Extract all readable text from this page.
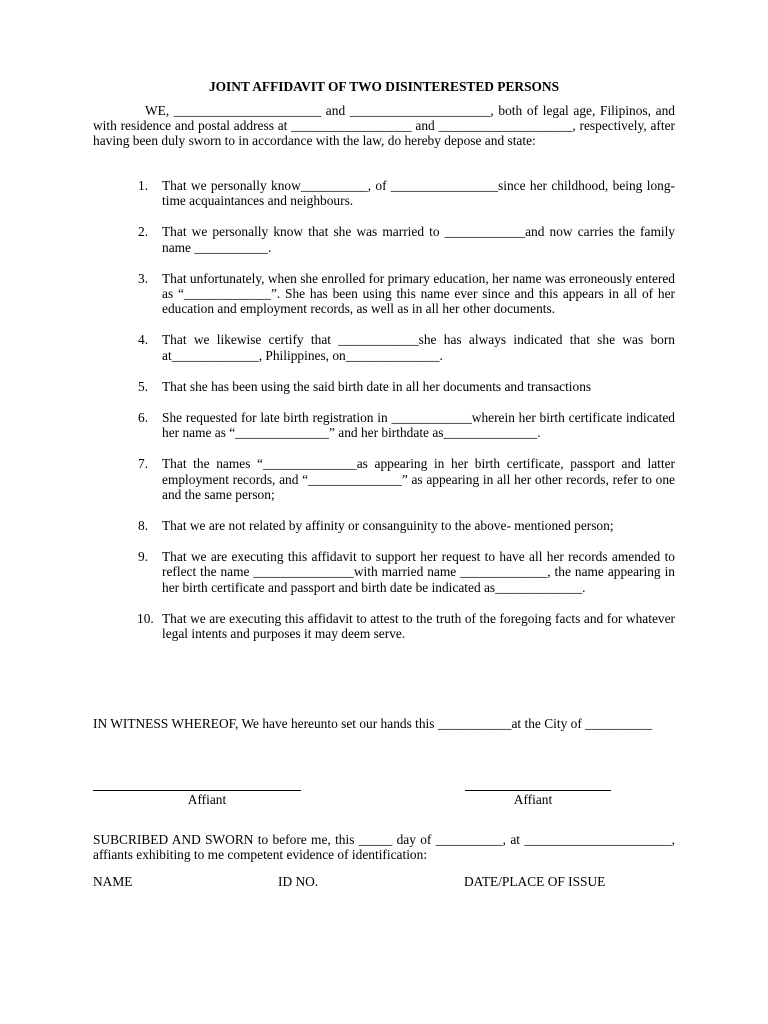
JOINT AFFIDAVIT OF TWO DISINTERESTED PERSONS
WE, ______________________ and _____________________, both of legal age, Filipinos, and with residence and postal address at __________________ and ____________________, respectively, after having been duly sworn to in accordance with the law, do hereby depose and state:
1.	That we personally know__________, of ________________since her childhood, being long-time acquaintances and neighbours.
2.	That we personally know that she was married to ____________and now carries the family name ___________.
3.	That unfortunately, when she enrolled for primary education, her name was erroneously entered as “_____________”. She has been using this name ever since and this appears in all of her education and employment records, as well as in all her other documents.
4.	That we likewise certify that ____________she has always indicated that she was born at_____________, Philippines, on______________.
5.	That she has been using the said birth date in all her documents and transactions
6.	She requested for late birth registration in ____________wherein her birth certificate indicated her name as “______________” and her birthdate as______________.
7.	That the names “______________as appearing in her birth certificate, passport and latter employment records, and “______________” as appearing in all her other records, refer to one and the same person;
8.	That we are not related by affinity or consanguinity to the above- mentioned person;
9.	That we are executing this affidavit to support her request to have all her records amended to reflect the name _______________with married name _____________, the name appearing in her birth certificate and passport and birth date be indicated as_____________.
10. That we are executing this affidavit to attest to the truth of the foregoing facts and for whatever legal intents and purposes it may deem serve.
IN WITNESS WHEREOF, We have hereunto set our hands this ___________at the City of __________
Affiant	Affiant
SUBCRIBED AND SWORN to before me, this _____ day of __________, at ______________________, affiants exhibiting to me competent evidence of identification:
NAME	ID NO.	DATE/PLACE OF ISSUE
